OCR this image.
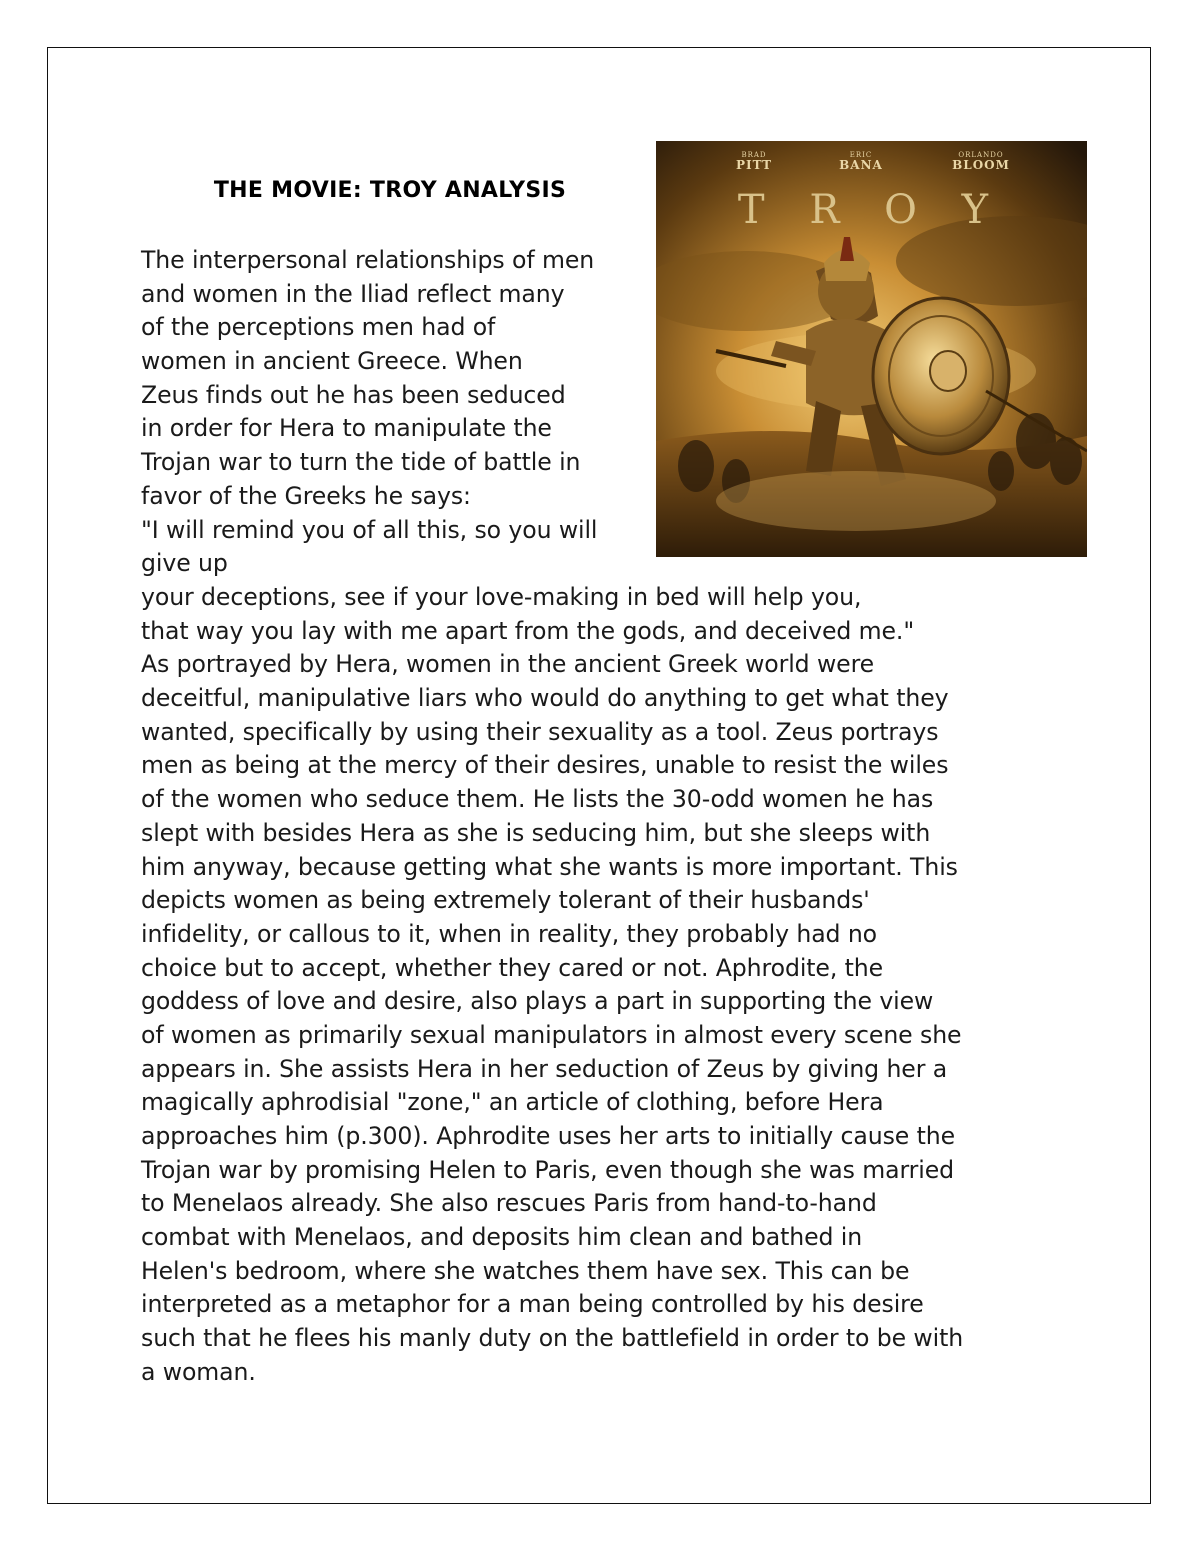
THE MOVIE: TROY ANALYSIS
BRAD
PITT
ERIC
BANA
ORLANDO
BLOOM
T R O Y
The interpersonal relationships of men
and women in the Iliad reflect many
of the perceptions men had of
women in ancient Greece. When
Zeus finds out he has been seduced
in order for Hera to manipulate the
Trojan war to turn the tide of battle in
favor of the Greeks he says:
"I will remind you of all this, so you will
give up
your deceptions, see if your love-making in bed will help you,
that way you lay with me apart from the gods, and deceived me."
As portrayed by Hera, women in the ancient Greek world were
deceitful, manipulative liars who would do anything to get what they
wanted, specifically by using their sexuality as a tool. Zeus portrays
men as being at the mercy of their desires, unable to resist the wiles
of the women who seduce them. He lists the 30-odd women he has
slept with besides Hera as she is seducing him, but she sleeps with
him anyway, because getting what she wants is more important. This
depicts women as being extremely tolerant of their husbands'
infidelity, or callous to it, when in reality, they probably had no
choice but to accept, whether they cared or not. Aphrodite, the
goddess of love and desire, also plays a part in supporting the view
of women as primarily sexual manipulators in almost every scene she
appears in. She assists Hera in her seduction of Zeus by giving her a
magically aphrodisial "zone," an article of clothing, before Hera
approaches him (p.300). Aphrodite uses her arts to initially cause the
Trojan war by promising Helen to Paris, even though she was married
to Menelaos already. She also rescues Paris from hand-to-hand
combat with Menelaos, and deposits him clean and bathed in
Helen's bedroom, where she watches them have sex. This can be
interpreted as a metaphor for a man being controlled by his desire
such that he flees his manly duty on the battlefield in order to be with
a woman.
